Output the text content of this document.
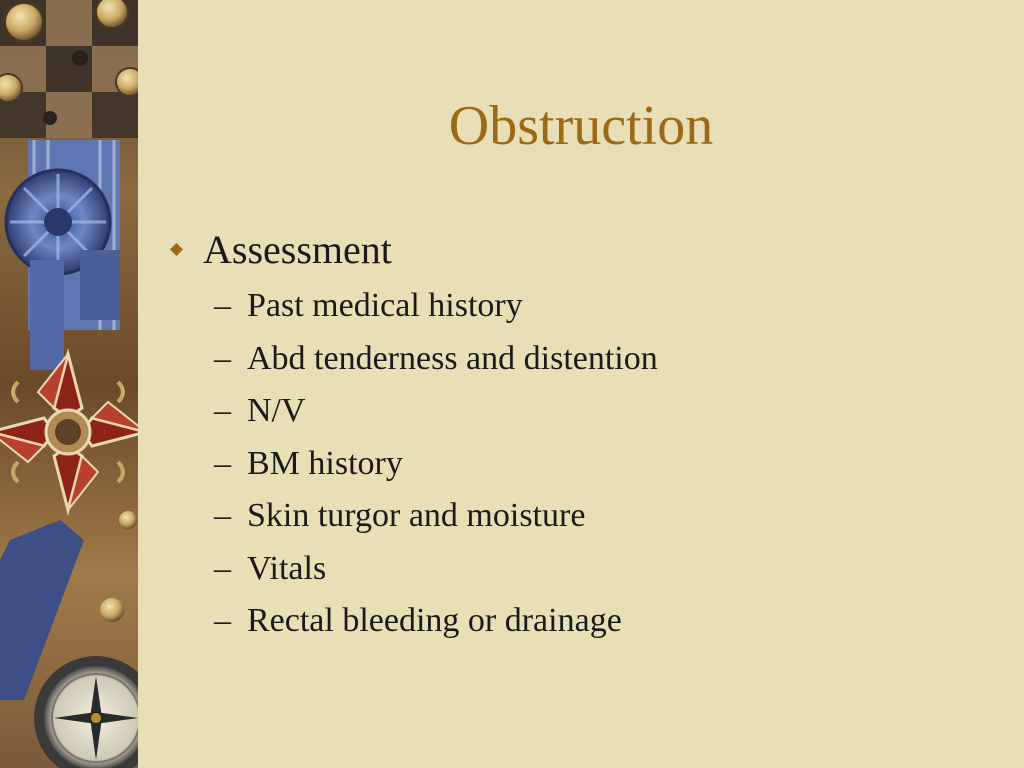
Obstruction
Assessment
– Past medical history
– Abd tenderness and distention
– N/V
– BM history
– Skin turgor and moisture
– Vitals
– Rectal bleeding or drainage
